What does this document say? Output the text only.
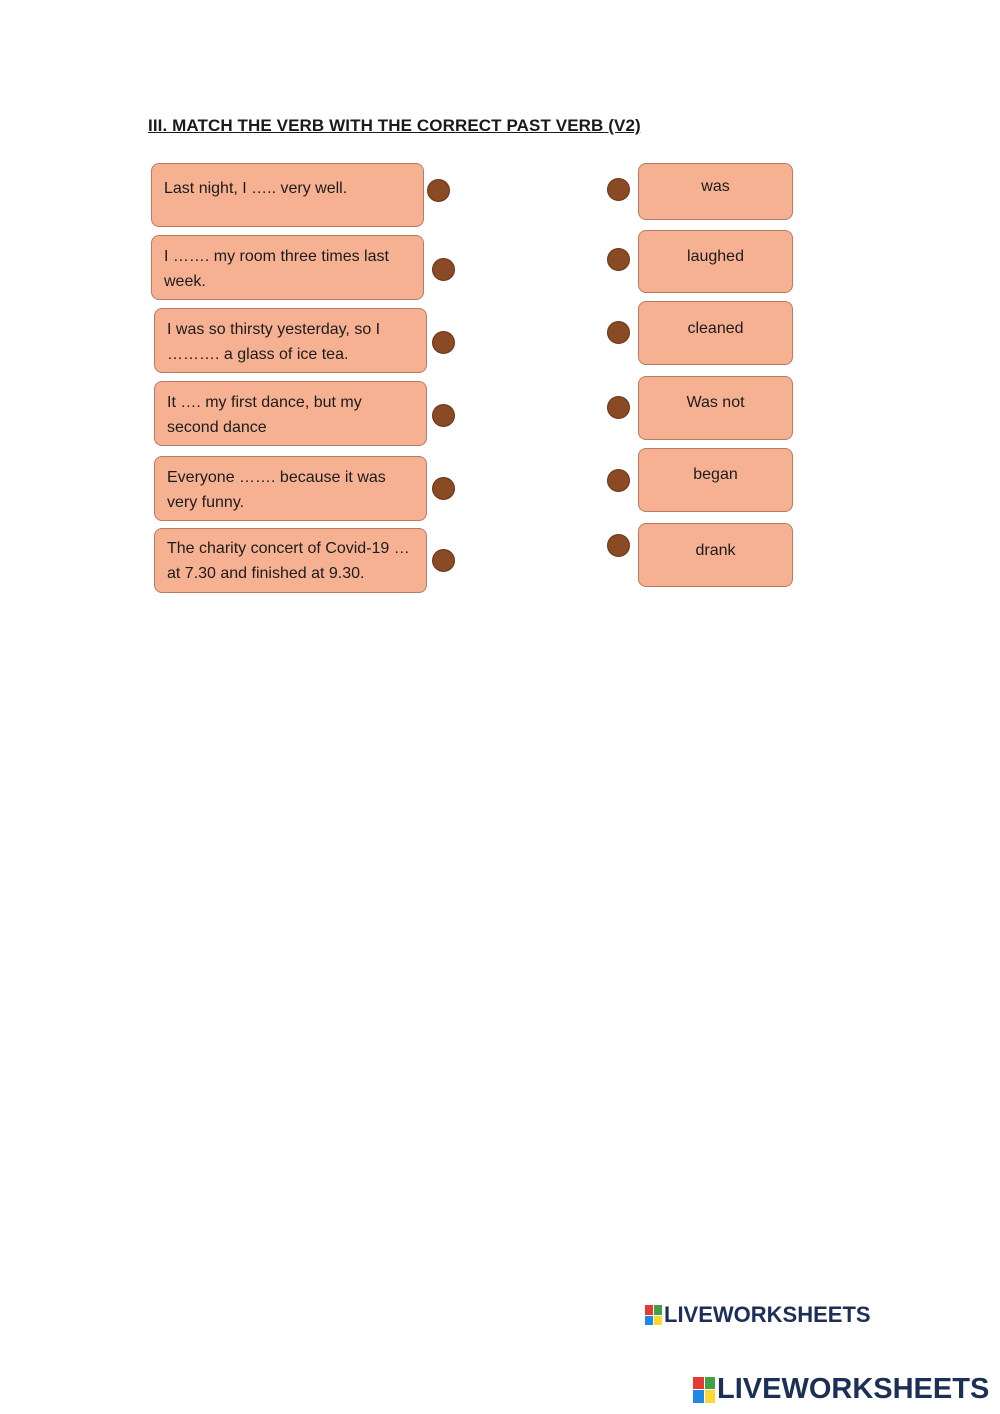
III. MATCH THE VERB WITH THE CORRECT PAST VERB (V2)
Last night, I ….. very well.
I ……. my room three times last week.
I was so thirsty yesterday, so I ………. a glass of ice tea.
It …. my first dance, but my second dance
Everyone ……. because it was very funny.
The charity concert of Covid-19 … at 7.30 and finished at 9.30.
was
laughed
cleaned
Was not
began
drank
LIVEWORKSHEETS
LIVEWORKSHEETS
